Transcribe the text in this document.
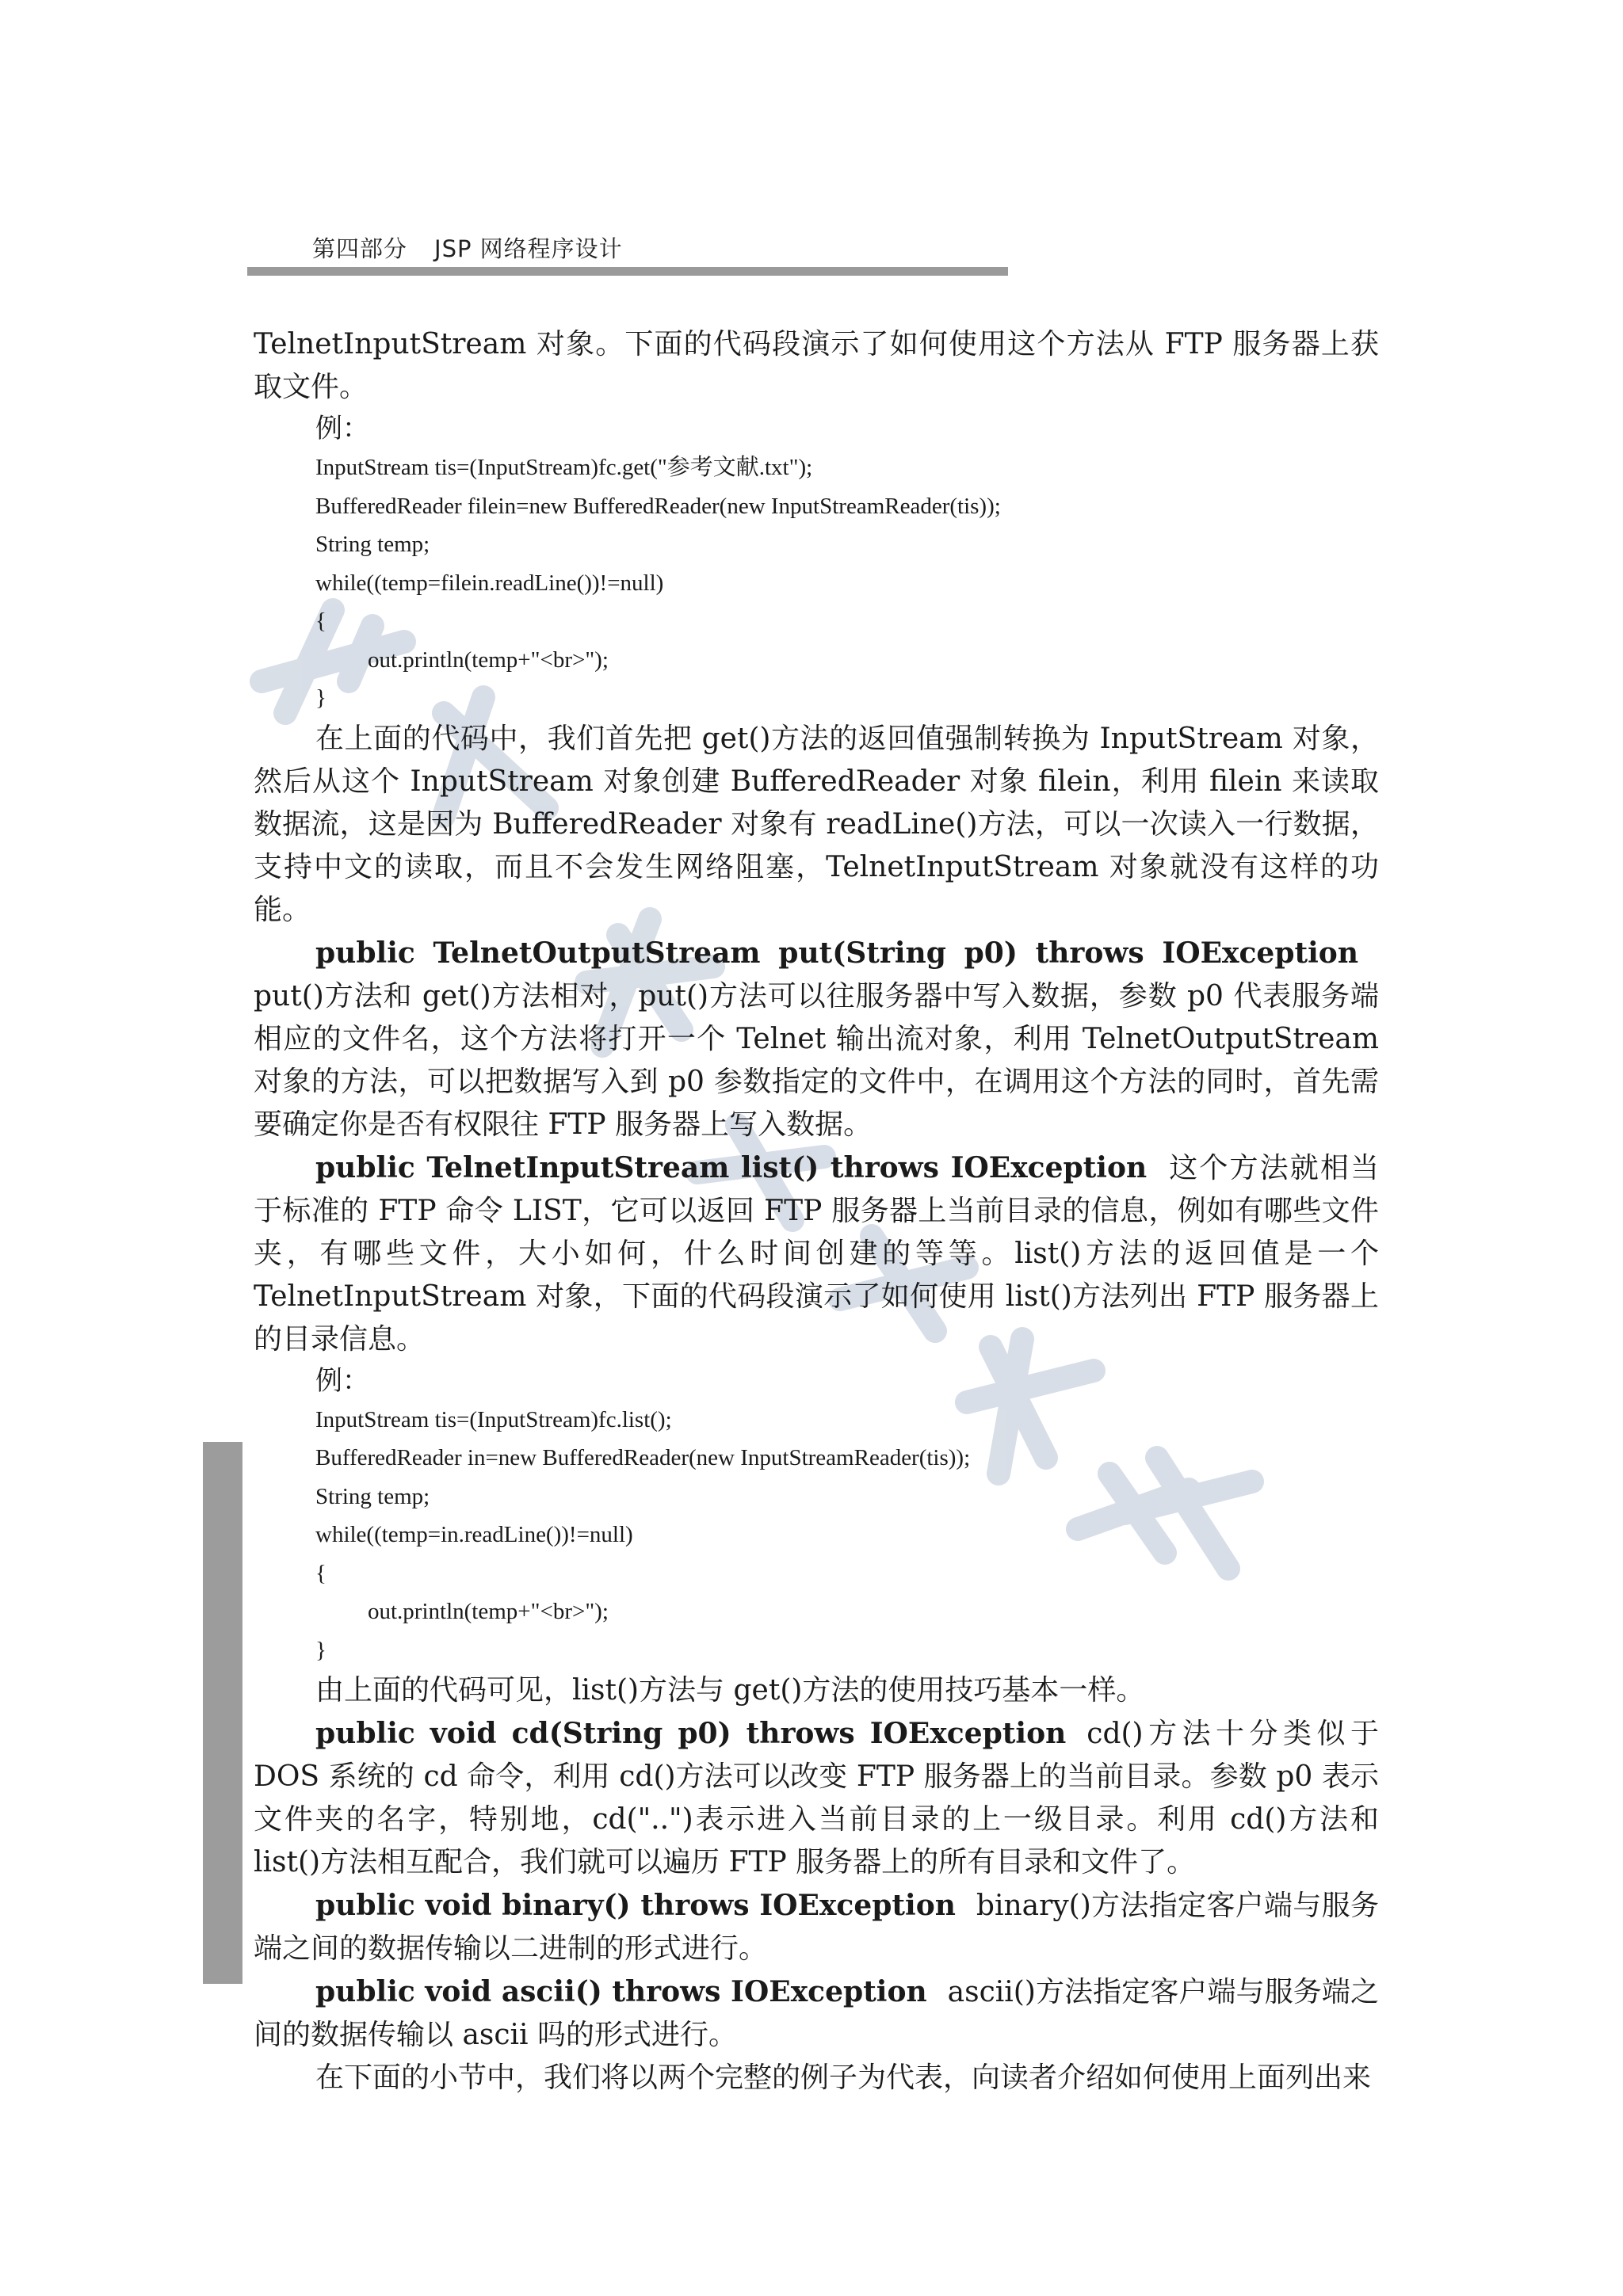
第四部分 JSP 网络程序设计

TelnetInputStream 对象。下面的代码段演示了如何使用这个方法从 FTP 服务器上获取文件。

例：

InputStream tis=(InputStream)fc.get("参考文献.txt");

BufferedReader filein=new BufferedReader(new InputStreamReader(tis));

String temp;

while((temp=filein.readLine())!=null)

{

out.println(temp+"<br>");

}

在上面的代码中，我们首先把 get()方法的返回值强制转换为 InputStream 对象，然后从这个 InputStream 对象创建 BufferedReader 对象 filein，利用 filein 来读取数据流，这是因为 BufferedReader 对象有 readLine()方法，可以一次读入一行数据，支持中文的读取，而且不会发生网络阻塞，TelnetInputStream 对象就没有这样的功能。

public TelnetOutputStream put(String p0) throws IOExceptionput()方法和 get()方法相对，put()方法可以往服务器中写入数据，参数 p0 代表服务端相应的文件名，这个方法将打开一个 Telnet 输出流对象，利用 TelnetOutputStream 对象的方法，可以把数据写入到 p0 参数指定的文件中，在调用这个方法的同时，首先需要确定你是否有权限往 FTP 服务器上写入数据。

public TelnetInputStream list() throws IOException 这个方法就相当于标准的 FTP 命令 LIST，它可以返回 FTP 服务器上当前目录的信息，例如有哪些文件夹，有哪些文件，大小如何，什么时间创建的等等。list()方法的返回值是一个 TelnetInputStream 对象，下面的代码段演示了如何使用 list()方法列出 FTP 服务器上的目录信息。

例：

InputStream tis=(InputStream)fc.list();

BufferedReader in=new BufferedReader(new InputStreamReader(tis));

String temp;

while((temp=in.readLine())!=null)

{

out.println(temp+"<br>");

}

由上面的代码可见，list()方法与 get()方法的使用技巧基本一样。

public void cd(String p0) throws IOException cd()方法十分类似于 DOS 系统的 cd 命令，利用 cd()方法可以改变 FTP 服务器上的当前目录。参数 p0 表示文件夹的名字，特别地，cd("..")表示进入当前目录的上一级目录。利用 cd()方法和 list()方法相互配合，我们就可以遍历 FTP 服务器上的所有目录和文件了。

public void binary() throws IOException binary()方法指定客户端与服务端之间的数据传输以二进制的形式进行。

public void ascii() throws IOException ascii()方法指定客户端与服务端之间的数据传输以 ascii 吗的形式进行。

在下面的小节中，我们将以两个完整的例子为代表，向读者介绍如何使用上面列出来
